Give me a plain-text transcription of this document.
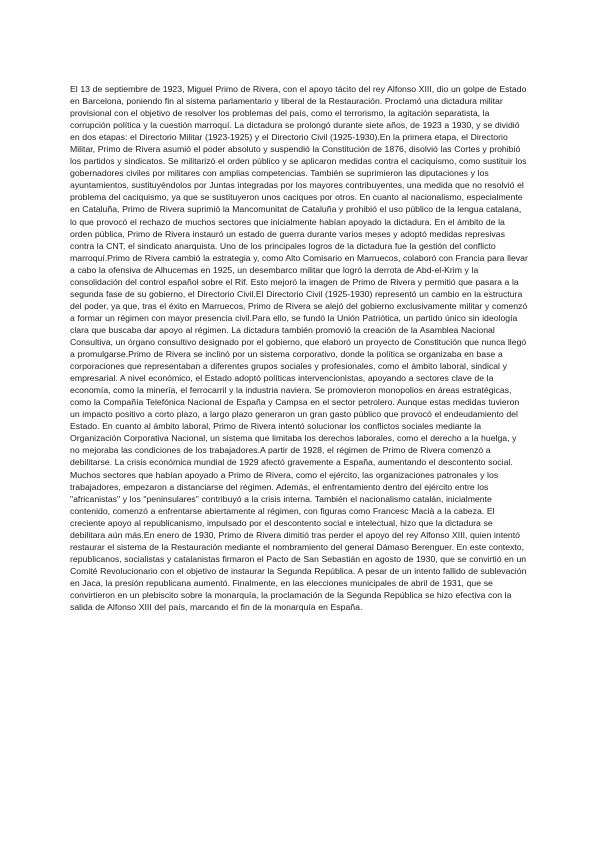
El 13 de septiembre de 1923, Miguel Primo de Rivera, con el apoyo tácito del rey Alfonso XIII, dio un golpe de Estado en Barcelona, poniendo fin al sistema parlamentario y liberal de la Restauración. Proclamó una dictadura militar provisional con el objetivo de resolver los problemas del país, como el terrorismo, la agitación separatista, la corrupción política y la cuestión marroquí. La dictadura se prolongó durante siete años, de 1923 a 1930, y se dividió en dos etapas: el Directorio Militar (1923-1925) y el Directorio Civil (1925-1930).En la primera etapa, el Directorio Militar, Primo de Rivera asumió el poder absoluto y suspendió la Constitución de 1876, disolvió las Cortes y prohibió los partidos y sindicatos. Se militarizó el orden público y se aplicaron medidas contra el caciquismo, como sustituir los gobernadores civiles por militares con amplias competencias. También se suprimieron las diputaciones y los ayuntamientos, sustituyéndolos por Juntas integradas por los mayores contribuyentes, una medida que no resolvió el problema del caciquismo, ya que se sustituyeron unos caciques por otros. En cuanto al nacionalismo, especialmente en Cataluña, Primo de Rivera suprimió la Mancomunitat de Cataluña y prohibió el uso público de la lengua catalana, lo que provocó el rechazo de muchos sectores que inicialmente habían apoyado la dictadura. En el ámbito de la orden pública, Primo de Rivera instauró un estado de guerra durante varios meses y adoptó medidas represivas contra la CNT, el sindicato anarquista. Uno de los principales logros de la dictadura fue la gestión del conflicto marroquí.Primo de Rivera cambió la estrategia y, como Alto Comisario en Marruecos, colaboró con Francia para llevar a cabo la ofensiva de Alhucemas en 1925, un desembarco militar que logró la derrota de Abd-el-Krim y la consolidación del control español sobre el Rif. Esto mejoró la imagen de Primo de Rivera y permitió que pasara a la segunda fase de su gobierno, el Directorio Civil.El Directorio Civil (1925-1930) representó un cambio en la estructura del poder, ya que, tras el éxito en Marruecos, Primo de Rivera se alejó del gobierno exclusivamente militar y comenzó a formar un régimen con mayor presencia civil.Para ello, se fundó la Unión Patriótica, un partido único sin ideología clara que buscaba dar apoyo al régimen. La dictadura también promovió la creación de la Asamblea Nacional Consultiva, un órgano consultivo designado por el gobierno, que elaboró un proyecto de Constitución que nunca llegó a promulgarse.Primo de Rivera se inclinó por un sistema corporativo, donde la política se organizaba en base a corporaciones que representaban a diferentes grupos sociales y profesionales, como el ámbito laboral, sindical y empresarial. A nivel económico, el Estado adoptó políticas intervencionistas, apoyando a sectores clave de la economía, como la minería, el ferrocarril y la industria naviera. Se promovieron monopolios en áreas estratégicas, como la Compañía Telefónica Nacional de España y Campsa en el sector petrolero. Aunque estas medidas tuvieron un impacto positivo a corto plazo, a largo plazo generaron un gran gasto público que provocó el endeudamiento del Estado. En cuanto al ámbito laboral, Primo de Rivera intentó solucionar los conflictos sociales mediante la Organización Corporativa Nacional, un sistema que limitaba los derechos laborales, como el derecho a la huelga, y no mejoraba las condiciones de los trabajadores.A partir de 1928, el régimen de Primo de Rivera comenzó a debilitarse. La crisis económica mundial de 1929 afectó gravemente a España, aumentando el descontento social. Muchos sectores que habían apoyado a Primo de Rivera, como el ejército, las organizaciones patronales y los trabajadores, empezaron a distanciarse del régimen. Además, el enfrentamiento dentro del ejército entre los "africanistas" y los "peninsulares" contribuyó a la crisis interna. También el nacionalismo catalán, inicialmente contenido, comenzó a enfrentarse abiertamente al régimen, con figuras como Francesc Macià a la cabeza. El creciente apoyo al republicanismo, impulsado por el descontento social e intelectual, hizo que la dictadura se debilitara aún más.En enero de 1930, Primo de Rivera dimitió tras perder el apoyo del rey Alfonso XIII, quien intentó restaurar el sistema de la Restauración mediante el nombramiento del general Dámaso Berenguer. En este contexto, republicanos, socialistas y catalanistas firmaron el Pacto de San Sebastián en agosto de 1930, que se convirtió en un Comité Revolucionario con el objetivo de instaurar la Segunda República. A pesar de un intento fallido de sublevación en Jaca, la presión republicana aumentó. Finalmente, en las elecciones municipales de abril de 1931, que se convirtieron en un plebiscito sobre la monarquía, la proclamación de la Segunda República se hizo efectiva con la salida de Alfonso XIII del país, marcando el fin de la monarquía en España.
